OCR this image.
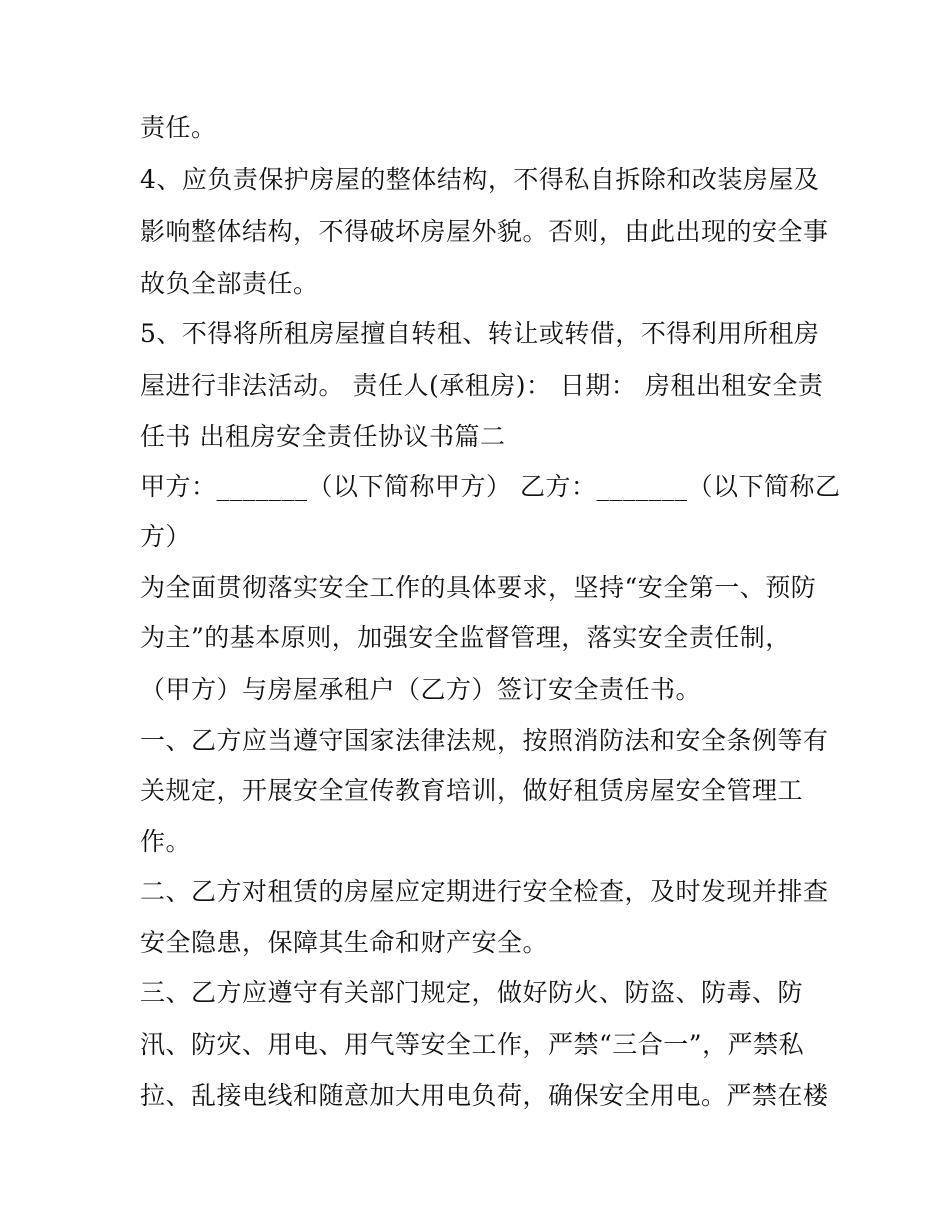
责任。
4、应负责保护房屋的整体结构，不得私自拆除和改装房屋及
影响整体结构，不得破坏房屋外貌。否则，由此出现的安全事
故负全部责任。
5、不得将所租房屋擅自转租、转让或转借，不得利用所租房
屋进行非法活动。 责任人(承租房)： 日期： 房租出租安全责
任书 出租房安全责任协议书篇二
甲方：_______（以下简称甲方） 乙方：_______（以下简称乙
方）
为全面贯彻落实安全工作的具体要求，坚持“安全第一、预防
为主”的基本原则，加强安全监督管理，落实安全责任制，
（甲方）与房屋承租户（乙方）签订安全责任书。
一、乙方应当遵守国家法律法规，按照消防法和安全条例等有
关规定，开展安全宣传教育培训，做好租赁房屋安全管理工
作。
二、乙方对租赁的房屋应定期进行安全检查，及时发现并排查
安全隐患，保障其生命和财产安全。
三、乙方应遵守有关部门规定，做好防火、防盗、防毒、防
汛、防灾、用电、用气等安全工作，严禁“三合一”，严禁私
拉、乱接电线和随意加大用电负荷，确保安全用电。严禁在楼
